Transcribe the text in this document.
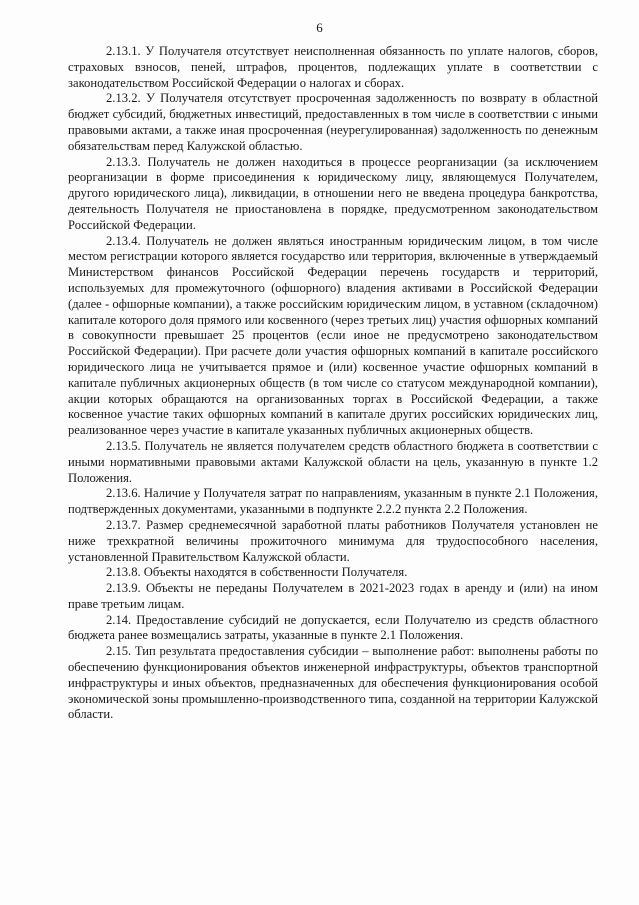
6

2.13.1. У Получателя отсутствует неисполненная обязанность по уплате налогов, сборов, страховых взносов, пеней, штрафов, процентов, подлежащих уплате в соответствии с законодательством Российской Федерации о налогах и сборах.

2.13.2. У Получателя отсутствует просроченная задолженность по возврату в областной бюджет субсидий, бюджетных инвестиций, предоставленных в том числе в соответствии с иными правовыми актами, а также иная просроченная (неурегулированная) задолженность по денежным обязательствам перед Калужской областью.

2.13.3. Получатель не должен находиться в процессе реорганизации (за исключением реорганизации в форме присоединения к юридическому лицу, являющемуся Получателем, другого юридического лица), ликвидации, в отношении него не введена процедура банкротства, деятельность Получателя не приостановлена в порядке, предусмотренном законодательством Российской Федерации.

2.13.4. Получатель не должен являться иностранным юридическим лицом, в том числе местом регистрации которого является государство или территория, включенные в утверждаемый Министерством финансов Российской Федерации перечень государств и территорий, используемых для промежуточного (офшорного) владения активами в Российской Федерации (далее - офшорные компании), а также российским юридическим лицом, в уставном (складочном) капитале которого доля прямого или косвенного (через третьих лиц) участия офшорных компаний в совокупности превышает 25 процентов (если иное не предусмотрено законодательством Российской Федерации). При расчете доли участия офшорных компаний в капитале российского юридического лица не учитывается прямое и (или) косвенное участие офшорных компаний в капитале публичных акционерных обществ (в том числе со статусом международной компании), акции которых обращаются на организованных торгах в Российской Федерации, а также косвенное участие таких офшорных компаний в капитале других российских юридических лиц, реализованное через участие в капитале указанных публичных акционерных обществ.

2.13.5. Получатель не является получателем средств областного бюджета в соответствии с иными нормативными правовыми актами Калужской области на цель, указанную в пункте 1.2 Положения.

2.13.6. Наличие у Получателя затрат по направлениям, указанным в пункте 2.1 Положения, подтвержденных документами, указанными в подпункте 2.2.2 пункта 2.2 Положения.

2.13.7. Размер среднемесячной заработной платы работников Получателя установлен не ниже трехкратной величины прожиточного минимума для трудоспособного населения, установленной Правительством Калужской области.

2.13.8. Объекты находятся в собственности Получателя.

2.13.9. Объекты не переданы Получателем в 2021-2023 годах в аренду и (или) на ином праве третьим лицам.

2.14. Предоставление субсидий не допускается, если Получателю из средств областного бюджета ранее возмещались затраты, указанные в пункте 2.1 Положения.

2.15. Тип результата предоставления субсидии – выполнение работ: выполнены работы по обеспечению функционирования объектов инженерной инфраструктуры, объектов транспортной инфраструктуры и иных объектов, предназначенных для обеспечения функционирования особой экономической зоны промышленно-производственного типа, созданной на территории Калужской области.
